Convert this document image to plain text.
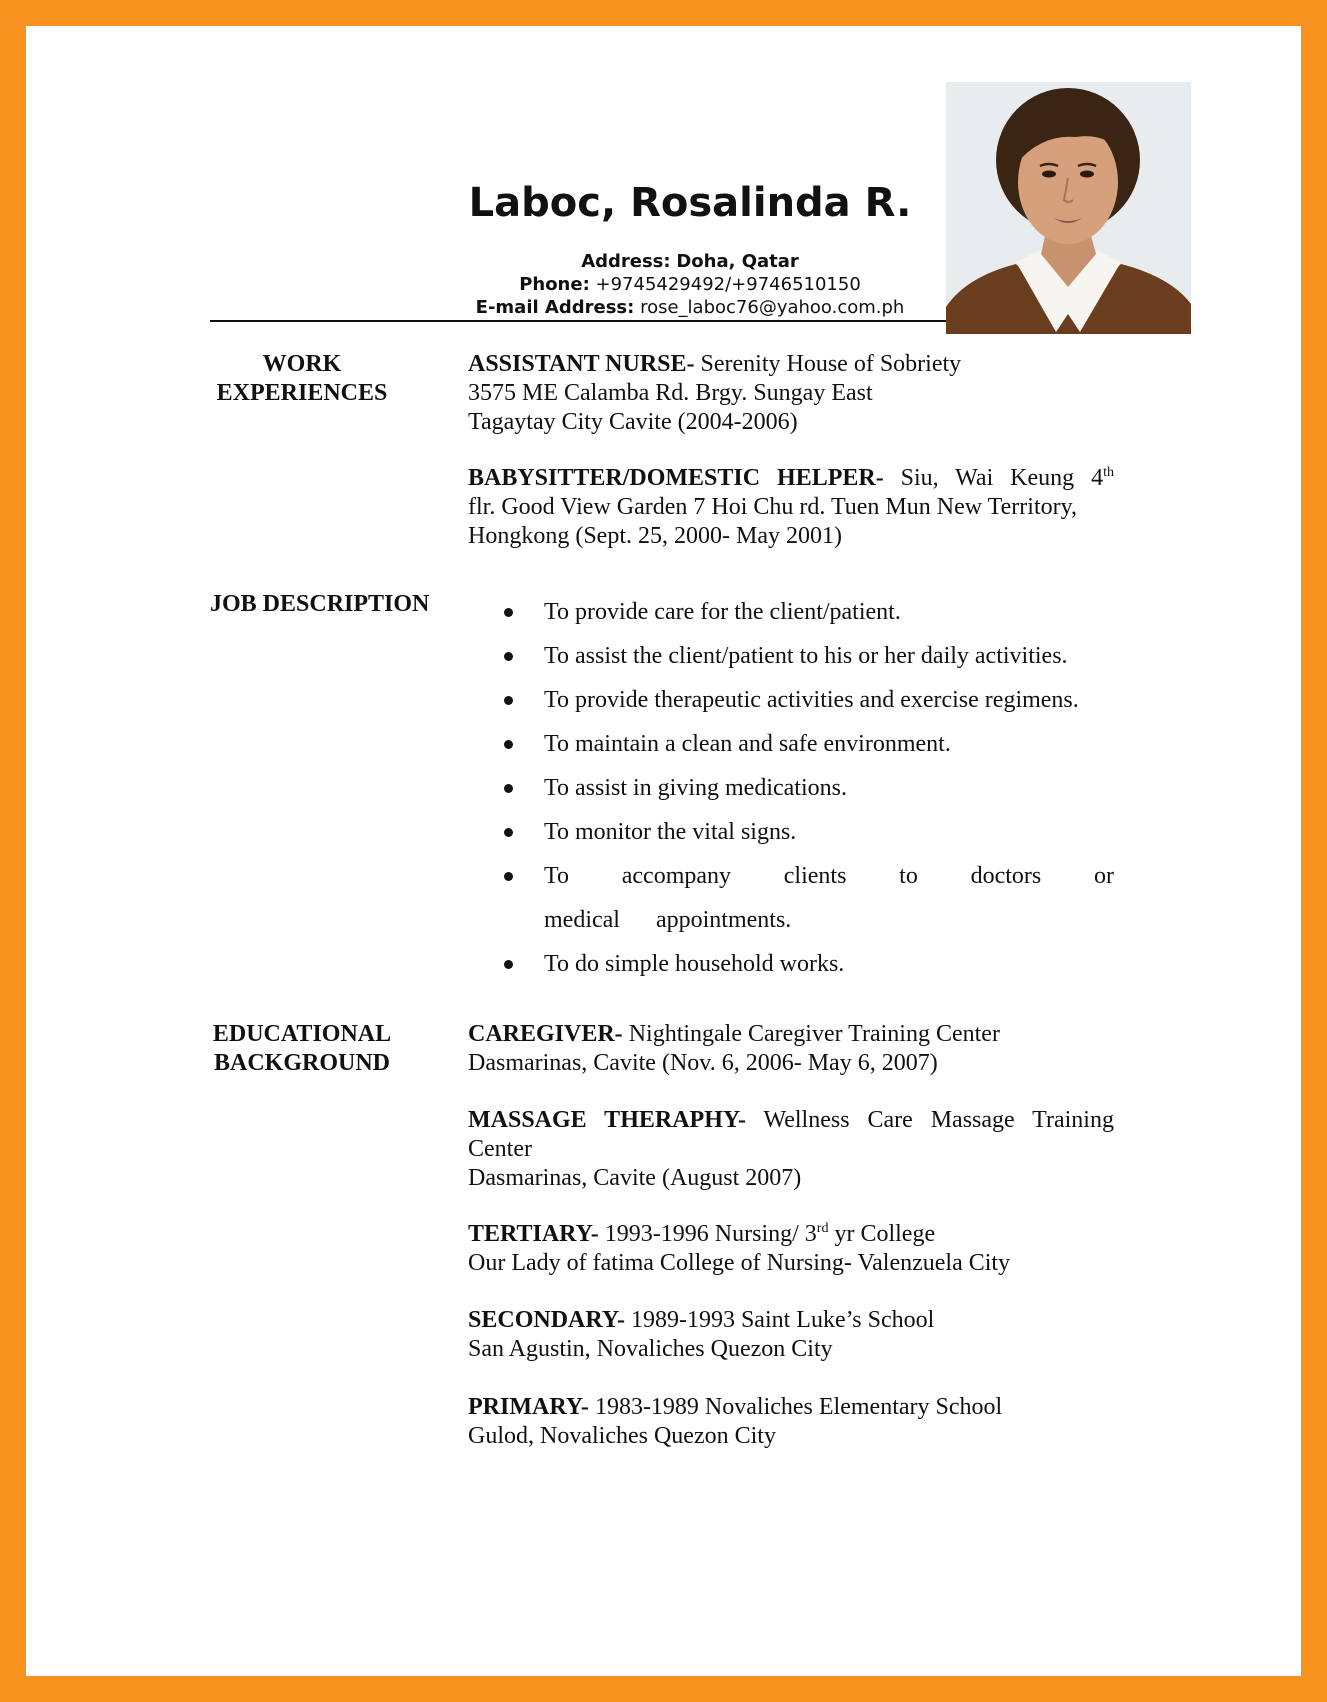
Laboc, Rosalinda R.
Address: Doha, Qatar
Phone: +9745429492/+9746510150
E-mail Address: rose_laboc76@yahoo.com.ph
WORK
EXPERIENCES
ASSISTANT NURSE- Serenity House of Sobriety
3575 ME Calamba Rd. Brgy. Sungay East
Tagaytay City Cavite (2004-2006)
BABYSITTER/DOMESTIC HELPER- Siu, Wai Keung 4th
flr. Good View Garden 7 Hoi Chu rd. Tuen Mun New Territory,
Hongkong (Sept. 25, 2000- May 2001)
JOB DESCRIPTION	To provide care for the client/patient.
To assist the client/patient to his or her daily activities.
To provide therapeutic activities and exercise regimens.
To maintain a clean and safe environment.
To assist in giving medications.
To monitor the vital signs.
To accompany clients to doctors or medical appointments.
To do simple household works.
EDUCATIONAL
BACKGROUND
CAREGIVER- Nightingale Caregiver Training Center
Dasmarinas, Cavite (Nov. 6, 2006- May 6, 2007)
MASSAGE THERAPHY- Wellness Care Massage Training Center
Dasmarinas, Cavite (August 2007)
TERTIARY- 1993-1996 Nursing/ 3rd yr College
Our Lady of fatima College of Nursing- Valenzuela City
SECONDARY- 1989-1993 Saint Luke’s School
San Agustin, Novaliches Quezon City
PRIMARY- 1983-1989 Novaliches Elementary School
Gulod, Novaliches Quezon City
